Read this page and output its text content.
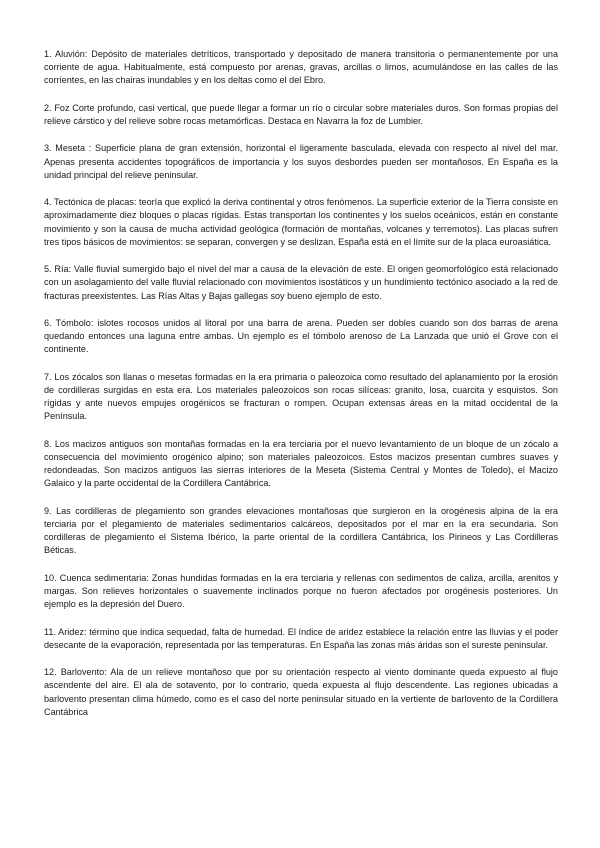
1. Aluvión: Depósito de materiales detríticos, transportado y depositado de manera transitoria o permanentemente por una corriente de agua. Habitualmente, está compuesto por arenas, gravas, arcillas o limos, acumulándose en las calles de las corrientes, en las chairas inundables y en los deltas como el del Ebro.

2. Foz Corte profundo, casi vertical, que puede llegar a formar un río o circular sobre materiales duros. Son formas propias del relieve cárstico y del relieve sobre rocas metamórficas. Destaca en Navarra la foz de Lumbier.

3. Meseta : Superficie plana de gran extensión, horizontal el ligeramente basculada, elevada con respecto al nivel del mar. Apenas presenta accidentes topográficos de importancia y los suyos desbordes pueden ser montañosos. En España es la unidad principal del relieve peninsular.

4. Tectónica de placas: teoría que explicó la deriva continental y otros fenómenos. La superficie exterior de la Tierra consiste en aproximadamente diez bloques o placas rígidas. Estas transportan los continentes y los suelos oceánicos, están en constante movimiento y son la causa de mucha actividad geológica (formación de montañas, volcanes y terremotos). Las placas sufren tres tipos básicos de movimientos: se separan, convergen y se deslizan. España está en el límite sur de la placa euroasiática.

5. Ría: Valle fluvial sumergido bajo el nivel del mar a causa de la elevación de este. El origen geomorfológico está relacionado con un asolagamiento del valle fluvial relacionado con movimientos isostáticos y un hundimiento tectónico asociado a la red de fracturas preexistentes. Las Rías Altas y Bajas gallegas soy bueno ejemplo de esto.

6. Tómbolo: islotes rocosos unidos al litoral por una barra de arena. Pueden ser dobles cuando son dos barras de arena quedando entonces una laguna entre ambas. Un ejemplo es el tómbolo arenoso de La Lanzada que unió el Grove con el continente.

7. Los zócalos son llanas o mesetas formadas en la era primaria o paleozoica como resultado del aplanamiento por la erosión de cordilleras surgidas en esta era. Los materiales paleozoicos son rocas silíceas: granito, losa, cuarcita y esquistos. Son rígidas y ante nuevos empujes orogénicos se fracturan o rompen. Ocupan extensas áreas en la mitad occidental de la Península.

8. Los macizos antiguos son montañas formadas en la era terciaria por el nuevo levantamiento de un bloque de un zócalo a consecuencia del movimiento orogénico alpino; son materiales paleozoicos. Estos macizos presentan cumbres suaves y redondeadas. Son macizos antiguos las sierras interiores de la Meseta (Sistema Central y Montes de Toledo), el Macizo Galaico y la parte occidental de la Cordillera Cantábrica.

9. Las cordilleras de plegamiento son grandes elevaciones montañosas que surgieron en la orogénesis alpina de la era terciaria por el plegamiento de materiales sedimentarios calcáreos, depositados por el mar en la era secundaria. Son cordilleras de plegamiento el Sistema Ibérico, la parte oriental de la cordillera Cantábrica, los Pirineos y Las Cordilleras Béticas.

10. Cuenca sedimentaria: Zonas hundidas formadas en la era terciaria y rellenas con sedimentos de caliza, arcilla, arenitos y margas. Son relieves horizontales o suavemente inclinados porque no fueron afectados por orogénesis posteriores. Un ejemplo es la depresión del Duero.

11. Aridez: término que indica sequedad, falta de humedad. El índice de aridez establece la relación entre las lluvias y el poder desecante de la evaporación, representada por las temperaturas. En España las zonas más áridas son el sureste peninsular.

12. Barlovento: Ala de un relieve montañoso que por su orientación respecto al viento dominante queda expuesto al flujo ascendente del aire. El ala de sotavento, por lo contrario, queda expuesta al flujo descendente. Las regiones ubicadas a barlovento presentan clima húmedo, como es el caso del norte peninsular situado en la vertiente de barlovento de la Cordillera Cantábrica
